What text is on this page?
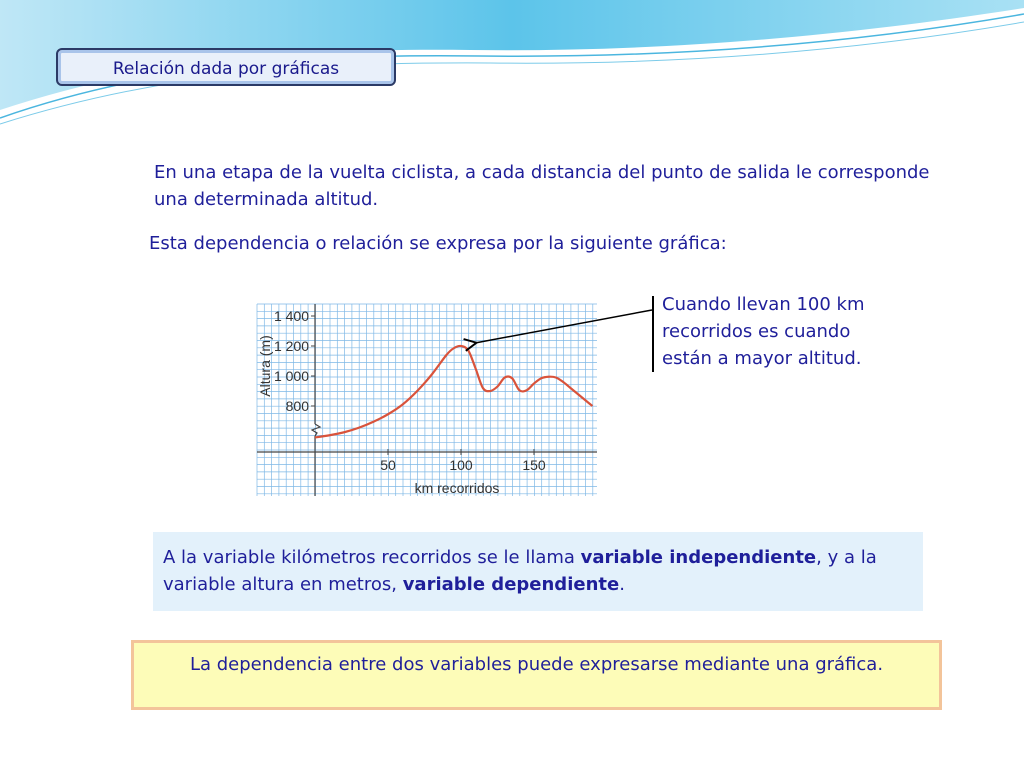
Relación dada por gráficas
En una etapa de la vuelta ciclista, a cada distancia del punto de salida le corresponde una determinada altitud.
Esta dependencia o relación se expresa por la siguiente gráfica:
800
1 000
1 200
1 400
50	100	150
km recorridos
Altura (m)
Cuando llevan 100 km recorridos es cuando están a mayor altitud.
A la variable kilómetros recorridos se le llama variable independiente, y a la variable altura en metros, variable dependiente.
La dependencia entre dos variables puede expresarse mediante una gráfica.
